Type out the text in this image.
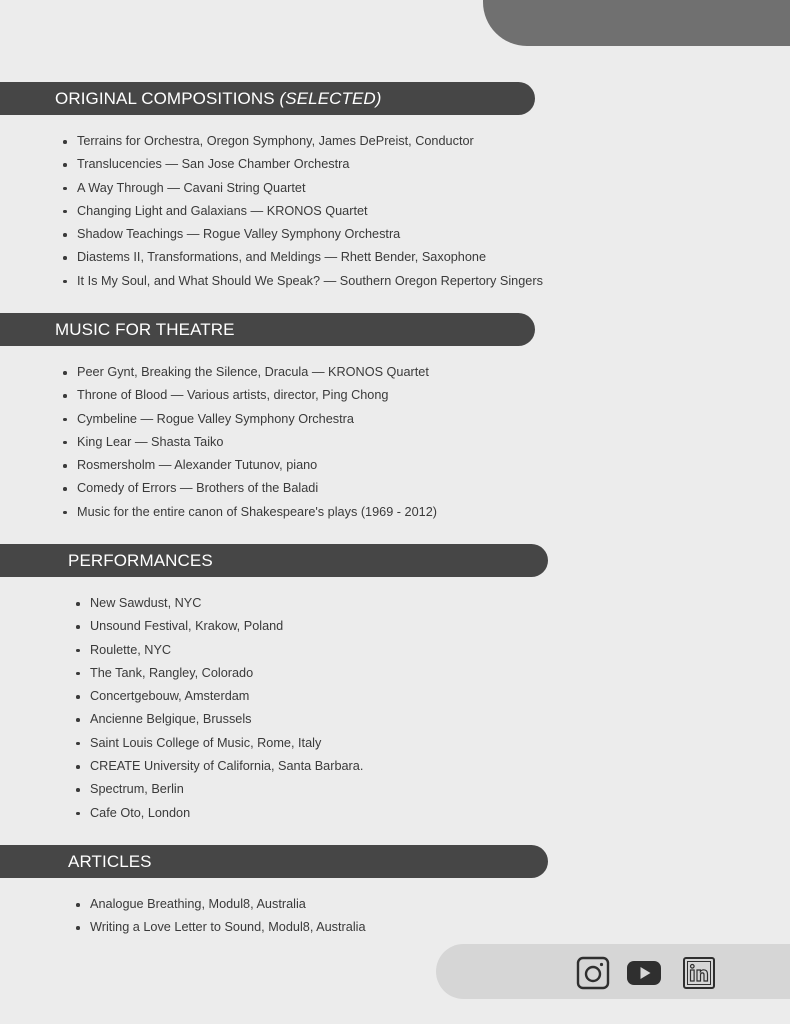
ORIGINAL COMPOSITIONS (SELECTED)
Terrains for Orchestra, Oregon Symphony, James DePreist, Conductor
Translucencies — San Jose Chamber Orchestra
A Way Through — Cavani String Quartet
Changing Light and Galaxians — KRONOS Quartet
Shadow Teachings — Rogue Valley Symphony Orchestra
Diastems II, Transformations, and Meldings — Rhett Bender, Saxophone
It Is My Soul, and What Should We Speak? — Southern Oregon Repertory Singers
MUSIC FOR THEATRE
Peer Gynt, Breaking the Silence, Dracula — KRONOS Quartet
Throne of Blood — Various artists, director, Ping Chong
Cymbeline — Rogue Valley Symphony Orchestra
King Lear — Shasta Taiko
Rosmersholm — Alexander Tutunov, piano
Comedy of Errors — Brothers of the Baladi
Music for the entire canon of Shakespeare's plays (1969 - 2012)
PERFORMANCES
New Sawdust, NYC
Unsound Festival, Krakow, Poland
Roulette, NYC
The Tank, Rangley, Colorado
Concertgebouw, Amsterdam
Ancienne Belgique, Brussels
Saint Louis College of Music, Rome, Italy
CREATE University of California, Santa Barbara.
Spectrum, Berlin
Cafe Oto, London
ARTICLES
Analogue Breathing, Modul8, Australia
Writing a Love Letter to Sound, Modul8, Australia
